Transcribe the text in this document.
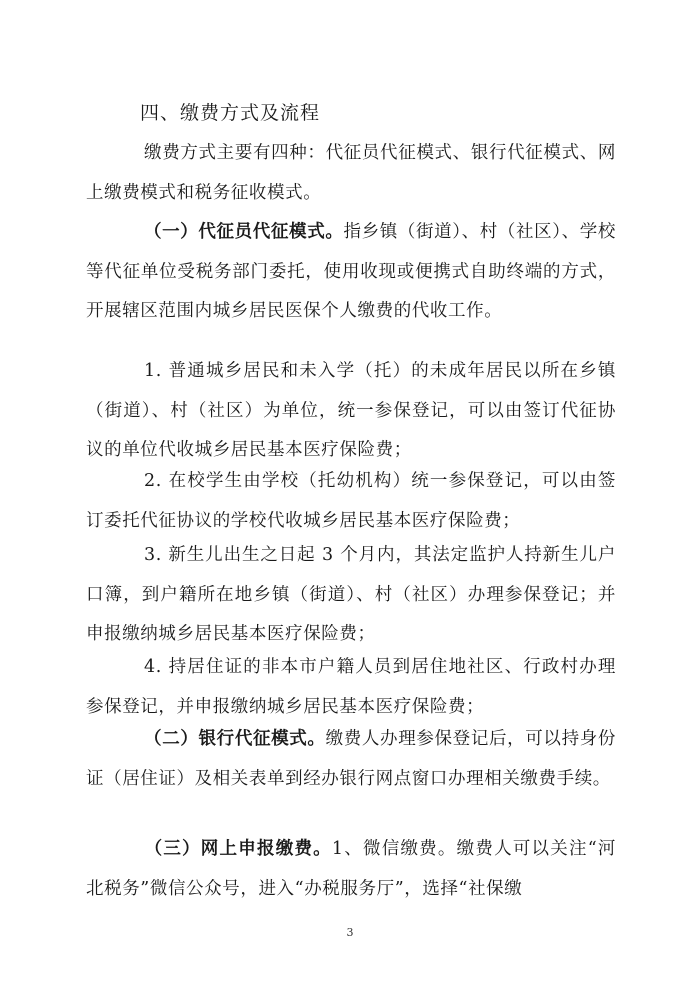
四、缴费方式及流程

缴费方式主要有四种：代征员代征模式、银行代征模式、网上缴费模式和税务征收模式。

（一）代征员代征模式。指乡镇（街道）、村（社区）、学校等代征单位受税务部门委托，使用收现或便携式自助终端的方式，开展辖区范围内城乡居民医保个人缴费的代收工作。

1. 普通城乡居民和未入学（托）的未成年居民以所在乡镇（街道）、村（社区）为单位，统一参保登记，可以由签订代征协议的单位代收城乡居民基本医疗保险费；

2. 在校学生由学校（托幼机构）统一参保登记，可以由签订委托代征协议的学校代收城乡居民基本医疗保险费；

3. 新生儿出生之日起 3 个月内，其法定监护人持新生儿户口簿，到户籍所在地乡镇（街道）、村（社区）办理参保登记；并申报缴纳城乡居民基本医疗保险费；

4. 持居住证的非本市户籍人员到居住地社区、行政村办理参保登记，并申报缴纳城乡居民基本医疗保险费；

（二）银行代征模式。缴费人办理参保登记后，可以持身份证（居住证）及相关表单到经办银行网点窗口办理相关缴费手续。

（三）网上申报缴费。1、微信缴费。缴费人可以关注“河北税务”微信公众号，进入“办税服务厅”，选择“社保缴

3
